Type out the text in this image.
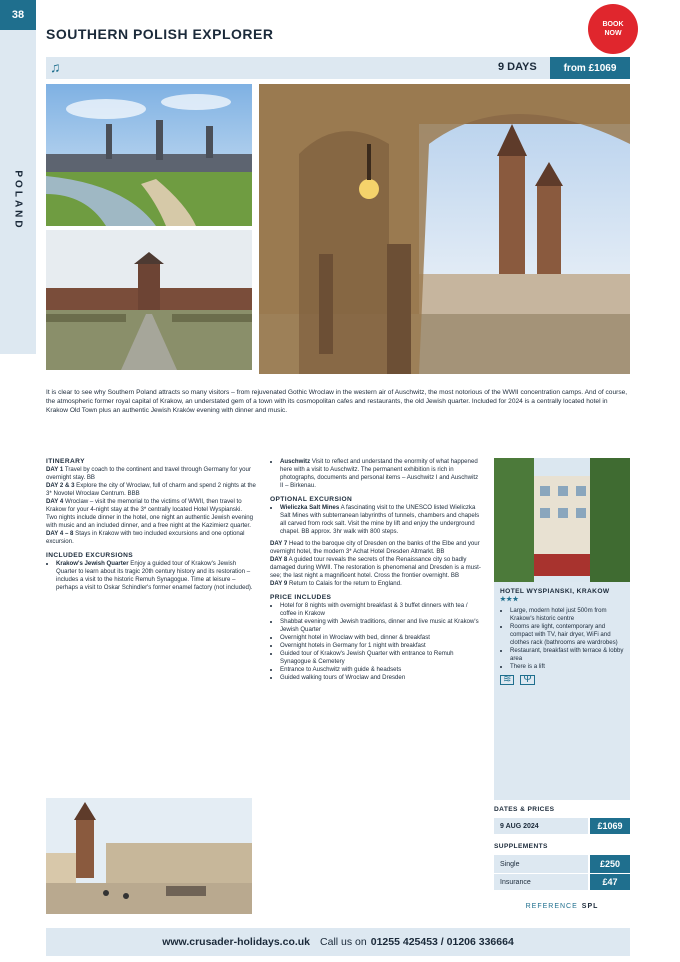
38
POLAND
SOUTHERN POLISH EXPLORER
BOOK
NOW
♫	9 DAYS	from £1069
It is clear to see why Southern Poland attracts so many visitors – from rejuvenated Gothic Wroclaw in the western air of Auschwitz, the most notorious of the WWII concentration camps. And of course, the atmospheric former royal capital of Krakow, an understated gem of a town with its cosmopolitan cafes and restaurants, the old Jewish quarter. Included for 2024 is a centrally located hotel in Krakow Old Town plus an authentic Jewish Kraków evening with dinner and music.

ITINERARY

DAY 1 Travel by coach to the continent and travel through Germany for your overnight stay. BB

DAY 2 & 3 Explore the city of Wroclaw, full of charm and spend 2 nights at the 3* Novotel Wroclaw Centrum. BBB

DAY 4 Wroclaw – visit the memorial to the victims of WWII, then travel to Krakow for your 4-night stay at the 3* centrally located Hotel Wyspianski.

Two nights include dinner in the hotel, one night an authentic Jewish evening with music and an included dinner, and a free night at the Kazimierz quarter.

DAY 4 – 8 Stays in Krakow with two included excursions and one optional excursion.

INCLUDED EXCURSIONS

• Krakow's Jewish Quarter Enjoy a guided tour of Krakow's Jewish Quarter to learn about its tragic 20th century history and its restoration – includes a visit to the historic Remuh Synagogue. Time at leisure – perhaps a visit to Oskar Schindler's former enamel factory (not included).
• Auschwitz Visit to reflect and understand the enormity of what happened here with a visit to Auschwitz. The permanent exhibition is rich in photographs, documents and personal items – Auschwitz I and Auschwitz II – Birkenau.

OPTIONAL EXCURSION

• Wieliczka Salt Mines A fascinating visit to the UNESCO listed Wieliczka Salt Mines with subterranean labyrinths of tunnels, chambers and chapels all carved from rock salt. Visit the mine by lift and enjoy the underground chapel. BB approx. 3hr walk with 800 steps.

DAY 7 Head to the baroque city of Dresden on the banks of the Elbe and your overnight hotel, the modern 3* Achat Hotel Dresden Altmarkt. BB

DAY 8 A guided tour reveals the secrets of the Renaissance city so badly damaged during WWII. The restoration is phenomenal and Dresden is a must-see; the last night a magnificent hotel. Cross the frontier overnight. BB

DAY 9 Return to Calais for the return to England.

PRICE INCLUDES

• Hotel for 8 nights with overnight breakfast & 3 buffet dinners with tea / coffee in Krakow
• Shabbat evening with Jewish traditions, dinner and live music at Krakow's Jewish Quarter
• Overnight hotel in Wroclaw with bed, dinner & breakfast
• Overnight hotels in Germany for 1 night with breakfast
• Guided tour of Krakow's Jewish Quarter with entrance to Remuh Synagogue & Cemetery
• Entrance to Auschwitz with guide & headsets
• Guided walking tours of Wroclaw and Dresden

HOTEL WYSPIANSKI, KRAKOW ★★★

• Large, modern hotel just 500m from Krakow's historic centre
• Rooms are light, contemporary and compact with TV, hair dryer, WiFi and clothes rack (bathrooms are wardrobes)
• Restaurant, breakfast with terrace & lobby area
• There is a lift
≋	Ψ
DATES & PRICES
9 AUG 2024	£1069
SUPPLEMENTS
Single	£250
Insurance	£47
REFERENCE SPL
www.crusader-holidays.co.uk Call us on 01255 425453 / 01206 336664
